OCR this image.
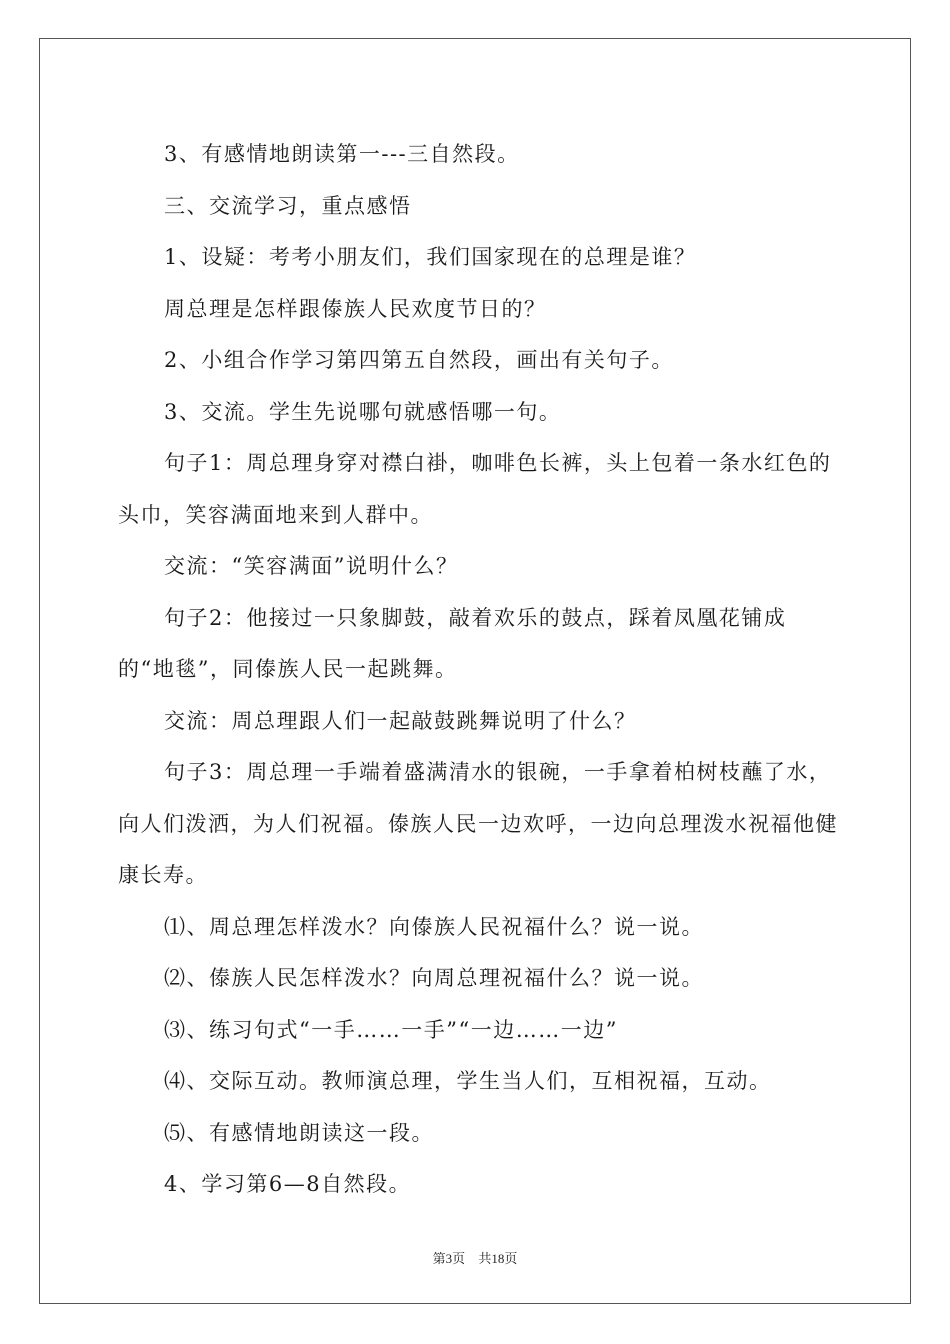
3、有感情地朗读第一---三自然段。

三、交流学习，重点感悟

1、设疑：考考小朋友们，我们国家现在的总理是谁？

周总理是怎样跟傣族人民欢度节日的？

2、小组合作学习第四第五自然段，画出有关句子。

3、交流。学生先说哪句就感悟哪一句。

句子1：周总理身穿对襟白褂，咖啡色长裤，头上包着一条水红色的头巾，笑容满面地来到人群中。

交流：“笑容满面”说明什么？

句子2：他接过一只象脚鼓，敲着欢乐的鼓点，踩着凤凰花铺成的“地毯”，同傣族人民一起跳舞。

交流：周总理跟人们一起敲鼓跳舞说明了什么？

句子3：周总理一手端着盛满清水的银碗，一手拿着柏树枝蘸了水，向人们泼洒，为人们祝福。傣族人民一边欢呼，一边向总理泼水祝福他健康长寿。

⑴、周总理怎样泼水？向傣族人民祝福什么？说一说。

⑵、傣族人民怎样泼水？向周总理祝福什么？说一说。

⑶、练习句式“一手……一手”“一边……一边”

⑷、交际互动。教师演总理，学生当人们，互相祝福，互动。

⑸、有感情地朗读这一段。

4、学习第6—8自然段。

第3页 共18页
